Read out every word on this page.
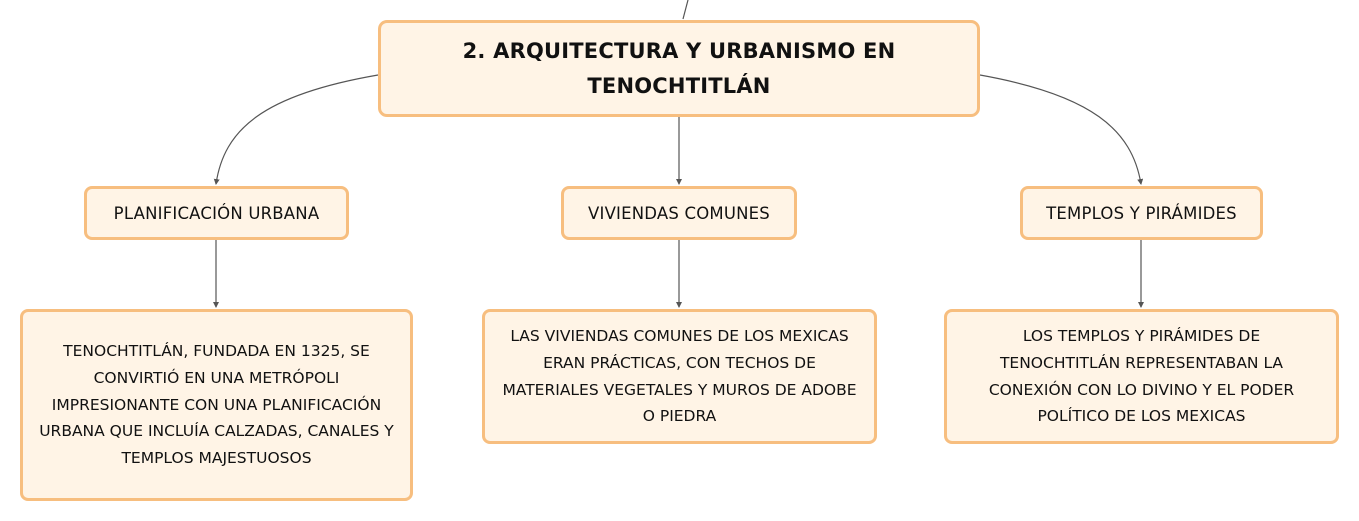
2. ARQUITECTURA Y URBANISMO EN
TENOCHTITLÁN
PLANIFICACIÓN URBANA	VIVIENDAS COMUNES	TEMPLOS Y PIRÁMIDES
TENOCHTITLÁN, FUNDADA EN 1325, SE
CONVIRTIÓ EN UNA METRÓPOLI
IMPRESIONANTE CON UNA PLANIFICACIÓN
URBANA QUE INCLUÍA CALZADAS, CANALES Y
TEMPLOS MAJESTUOSOS
LAS VIVIENDAS COMUNES DE LOS MEXICAS
ERAN PRÁCTICAS, CON TECHOS DE
MATERIALES VEGETALES Y MUROS DE ADOBE
O PIEDRA
LOS TEMPLOS Y PIRÁMIDES DE
TENOCHTITLÁN REPRESENTABAN LA
CONEXIÓN CON LO DIVINO Y EL PODER
POLÍTICO DE LOS MEXICAS
